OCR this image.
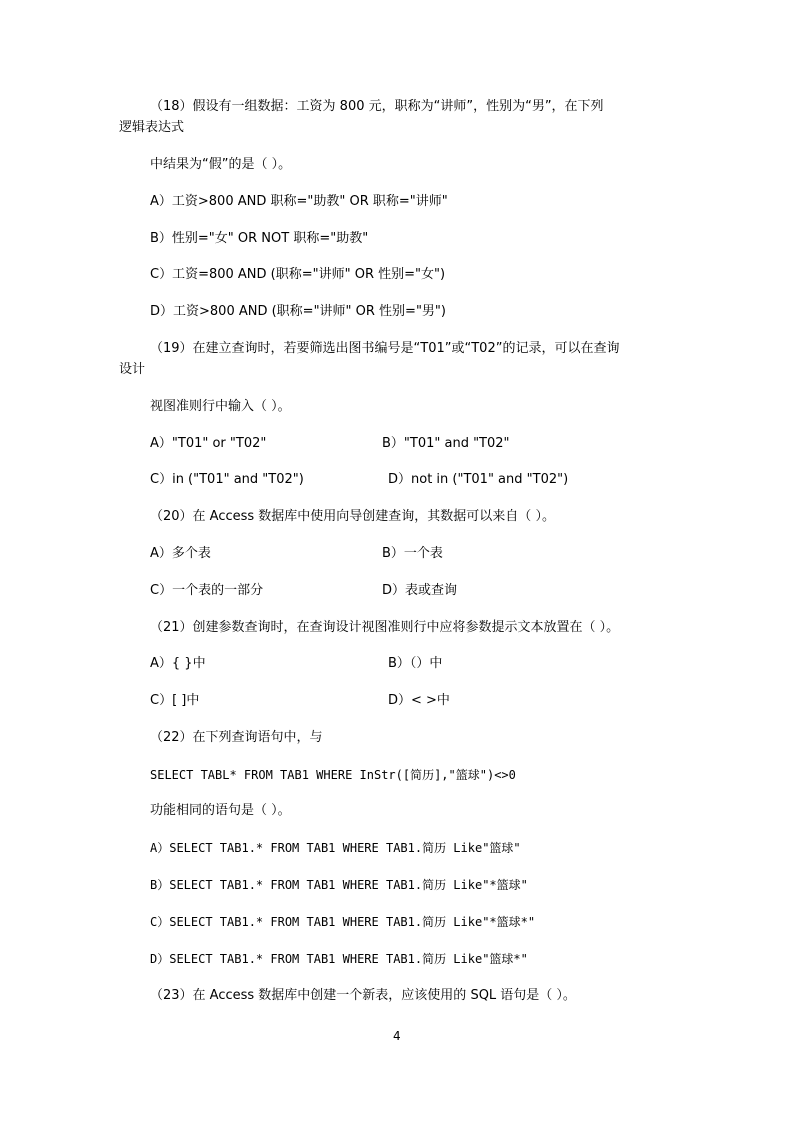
（18）假设有一组数据：工资为 800 元，职称为“讲师”，性别为“男”，在下列
逻辑表达式
中结果为“假”的是（ ）。
A）工资>800 AND 职称="助教" OR 职称="讲师"
B）性别="女" OR NOT 职称="助教"
C）工资=800 AND (职称="讲师" OR 性别="女")
D）工资>800 AND (职称="讲师" OR 性别="男")
（19）在建立查询时，若要筛选出图书编号是“T01”或“T02”的记录，可以在查询
设计
视图准则行中输入（ ）。
A）"T01" or "T02"	B）"T01" and "T02"
C）in ("T01" and "T02")	D）not in ("T01" and "T02")
（20）在 Access 数据库中使用向导创建查询，其数据可以来自（ ）。
A）多个表	B）一个表
C）一个表的一部分	D）表或查询
（21）创建参数查询时，在查询设计视图准则行中应将参数提示文本放置在（ ）。
A）{ }中	B）（）中
C）[ ]中	D）< >中
（22）在下列查询语句中，与
SELECT TABL* FROM TAB1 WHERE InStr([简历],"篮球")<>0
功能相同的语句是（ ）。
A）SELECT TAB1.* FROM TAB1 WHERE TAB1.简历 Like"篮球"
B）SELECT TAB1.* FROM TAB1 WHERE TAB1.简历 Like"*篮球"
C）SELECT TAB1.* FROM TAB1 WHERE TAB1.简历 Like"*篮球*"
D）SELECT TAB1.* FROM TAB1 WHERE TAB1.简历 Like"篮球*"
（23）在 Access 数据库中创建一个新表，应该使用的 SQL 语句是（ ）。
4
